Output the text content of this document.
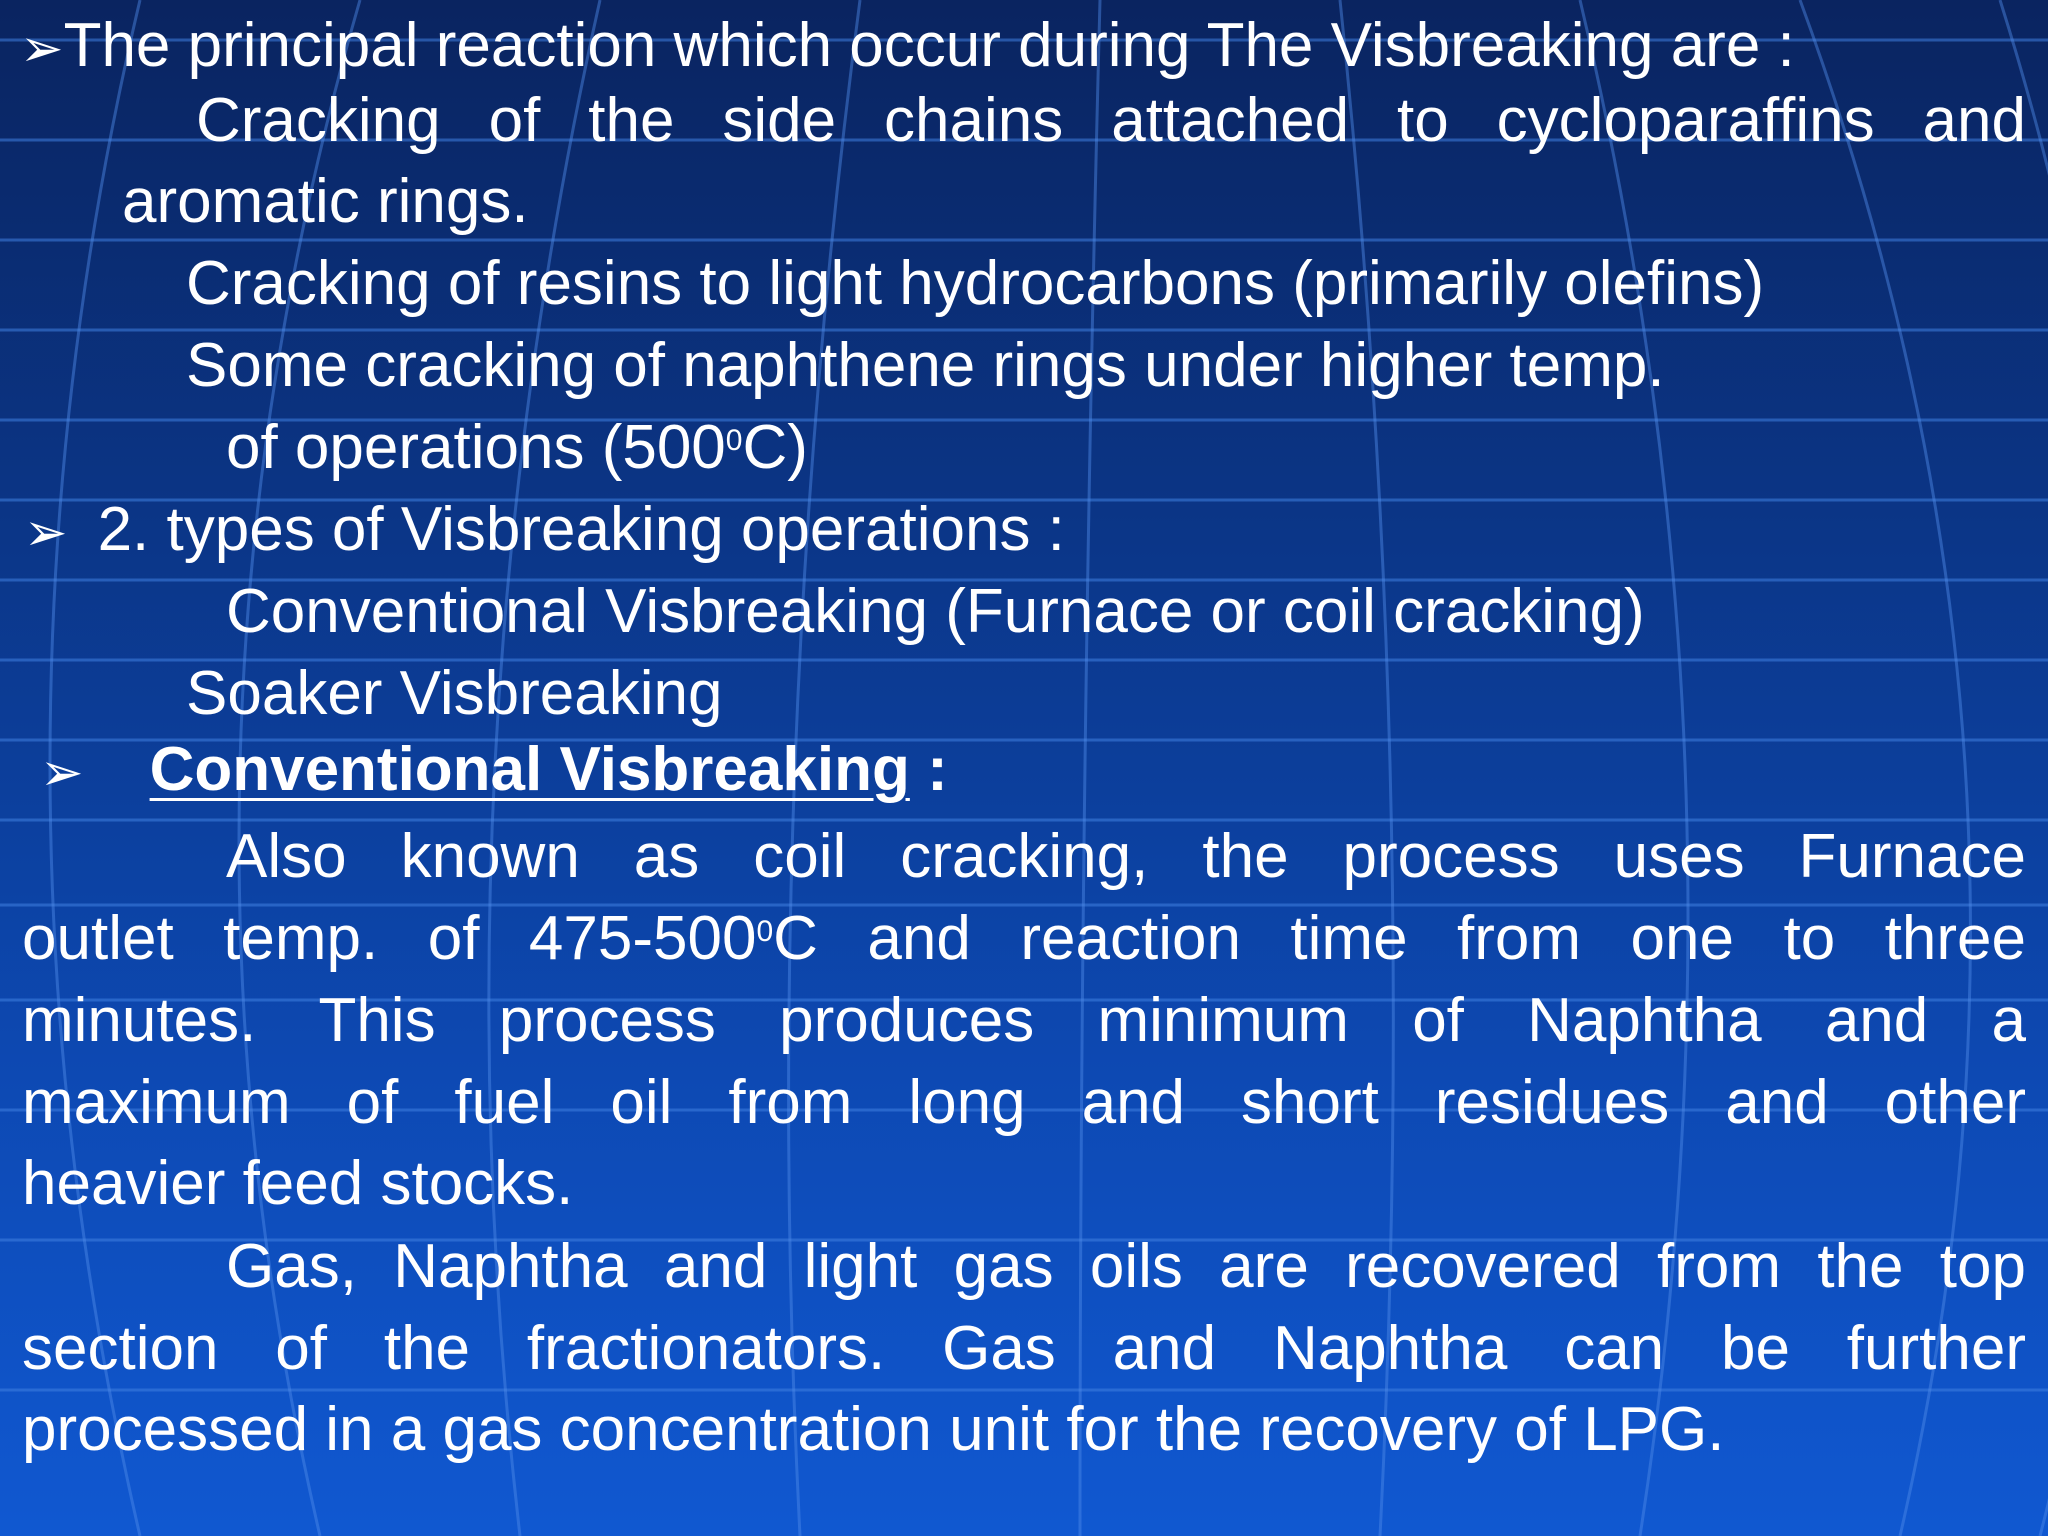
➢The principal reaction which occur during The Visbreaking are :
Cracking of the side chains attached to cycloparaffins and
aromatic rings.
Cracking of resins to light hydrocarbons (primarily olefins)
Some cracking of naphthene rings under higher temp.
of operations $(500^0C)$
➢ 2. types of Visbreaking operations :
Conventional Visbreaking (Furnace or coil cracking)
Soaker Visbreaking
➢ Conventional Visbreaking :
Also known as coil cracking, the process uses Furnace
outlet temp. of $475-500^0C$ and reaction time from one to three
minutes. This process produces minimum of Naphtha and a
maximum of fuel oil from long and short residues and other
heavier feed stocks.
Gas, Naphtha and light gas oils are recovered from the top
section of the fractionators. Gas and Naphtha can be further
processed in a gas concentration unit for the recovery of LPG.
